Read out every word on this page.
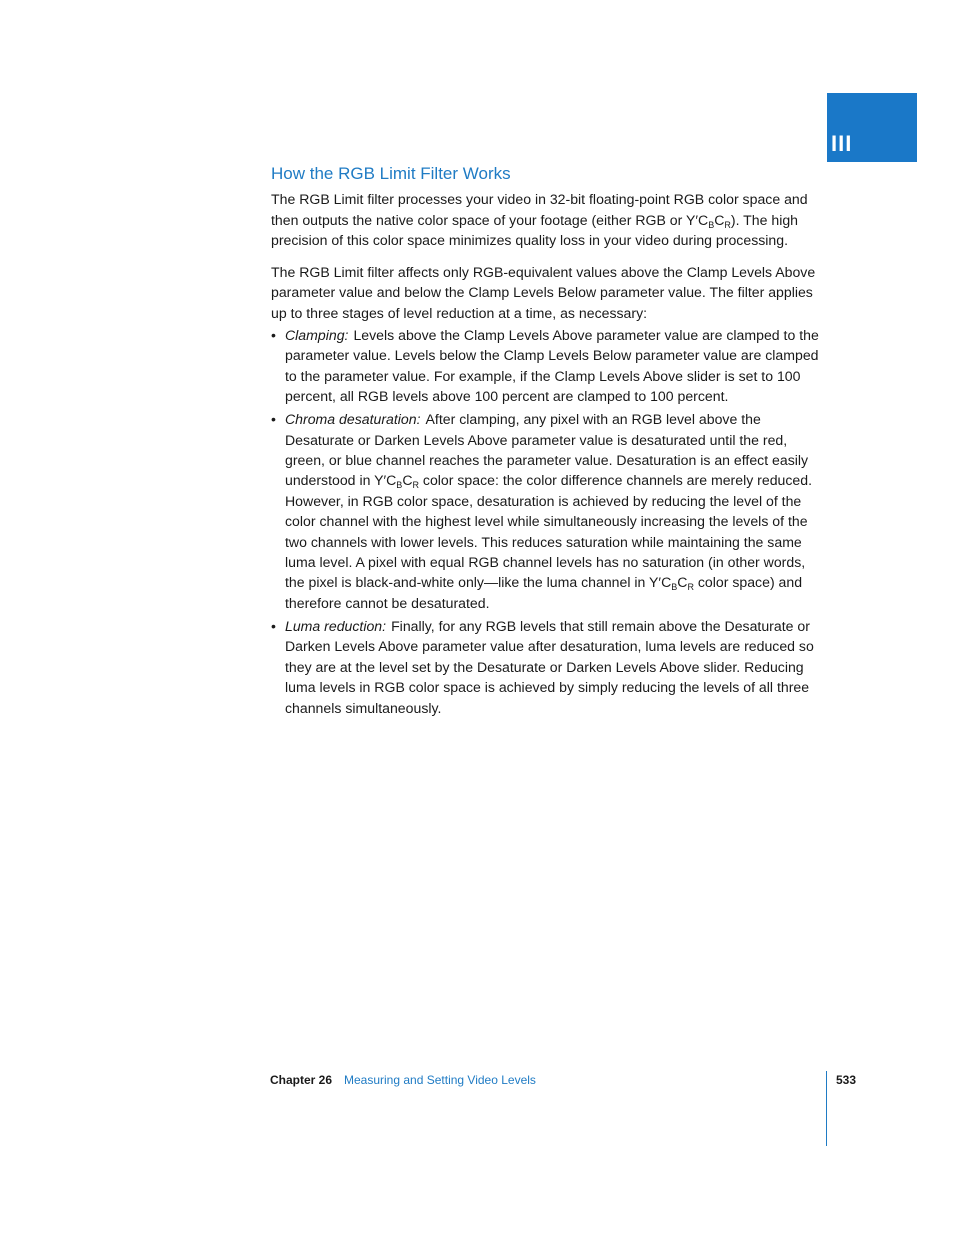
III
How the RGB Limit Filter Works

The RGB Limit filter processes your video in 32-bit floating-point RGB color space and then outputs the native color space of your footage (either RGB or $Y'C_BC_R$). The high precision of this color space minimizes quality loss in your video during processing.

The RGB Limit filter affects only RGB-equivalent values above the Clamp Levels Above parameter value and below the Clamp Levels Below parameter value. The filter applies up to three stages of level reduction at a time, as necessary:

• Clamping: Levels above the Clamp Levels Above parameter value are clamped to the parameter value. Levels below the Clamp Levels Below parameter value are clamped to the parameter value. For example, if the Clamp Levels Above slider is set to 100 percent, all RGB levels above 100 percent are clamped to 100 percent.
• Chroma desaturation: After clamping, any pixel with an RGB level above the Desaturate or Darken Levels Above parameter value is desaturated until the red, green, or blue channel reaches the parameter value. Desaturation is an effect easily understood in $Y'C_BC_R$ color space: the color difference channels are merely reduced. However, in RGB color space, desaturation is achieved by reducing the level of the color channel with the highest level while simultaneously increasing the levels of the two channels with lower levels. This reduces saturation while maintaining the same luma level. A pixel with equal RGB channel levels has no saturation (in other words, the pixel is black-and-white only—like the luma channel in $Y'C_BC_R$ color space) and therefore cannot be desaturated.
• Luma reduction: Finally, for any RGB levels that still remain above the Desaturate or Darken Levels Above parameter value after desaturation, luma levels are reduced so they are at the level set by the Desaturate or Darken Levels Above slider. Reducing luma levels in RGB color space is achieved by simply reducing the levels of all three channels simultaneously.
Chapter 26 Measuring and Setting Video Levels	533
